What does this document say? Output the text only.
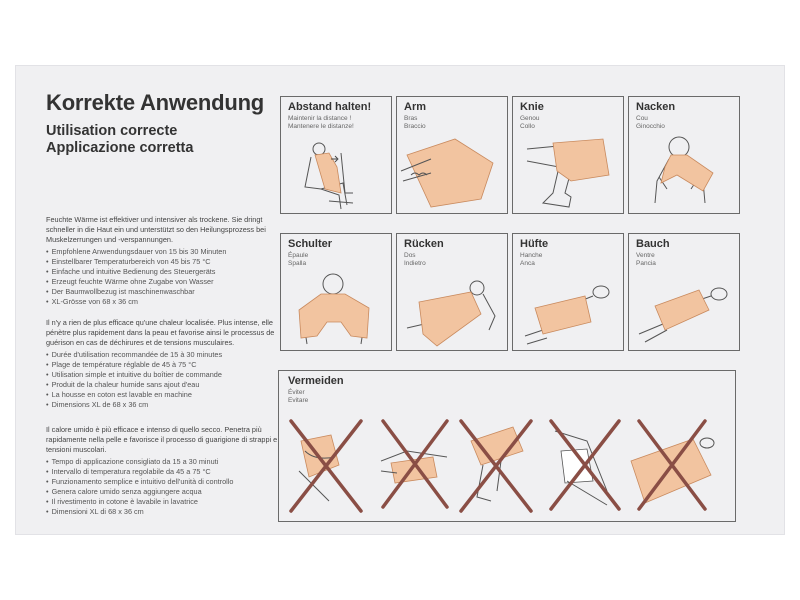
Korrekte Anwendung
Utilisation correcte
Applicazione corretta

Feuchte Wärme ist effektiver und intensiver als trockene. Sie dringt schneller in die Haut ein und unterstützt so den Heilungsprozess bei Muskelzerrungen und -verspannungen.

• Empfohlene Anwendungsdauer von 15 bis 30 Minuten
• Einstellbarer Temperaturbereich von 45 bis 75 °C
• Einfache und intuitive Bedienung des Steuergeräts
• Erzeugt feuchte Wärme ohne Zugabe von Wasser
• Der Baumwollbezug ist maschinenwaschbar
• XL-Grösse von 68 x 36 cm

Il n'y a rien de plus efficace qu'une chaleur localisée. Plus intense, elle pénètre plus rapidement dans la peau et favorise ainsi le processus de guérison en cas de déchirures et de tensions musculaires.

• Durée d'utilisation recommandée de 15 à 30 minutes
• Plage de température réglable de 45 à 75 °C
• Utilisation simple et intuitive du boîtier de commande
• Produit de la chaleur humide sans ajout d'eau
• La housse en coton est lavable en machine
• Dimensions XL de 68 x 36 cm

Il calore umido è più efficace e intenso di quello secco. Penetra più rapidamente nella pelle e favorisce il processo di guarigione di strappi e tensioni muscolari.

• Tempo di applicazione consigliato da 15 a 30 minuti
• Intervallo di temperatura regolabile da 45 a 75 °C
• Funzionamento semplice e intuitivo dell'unità di controllo
• Genera calore umido senza aggiungere acqua
• Il rivestimento in cotone è lavabile in lavatrice
• Dimensioni XL di 68 x 36 cm
Abstand halten!
Maintenir la distance !
Mantenere le distanze!
Arm
Bras
Braccio
Knie
Genou
Collo
Nacken
Cou
Ginocchio
Schulter
Épaule
Spalla
Rücken
Dos
Indietro
Hüfte
Hanche
Anca
Bauch
Ventre
Pancia
Vermeiden
Éviter
Evitare
